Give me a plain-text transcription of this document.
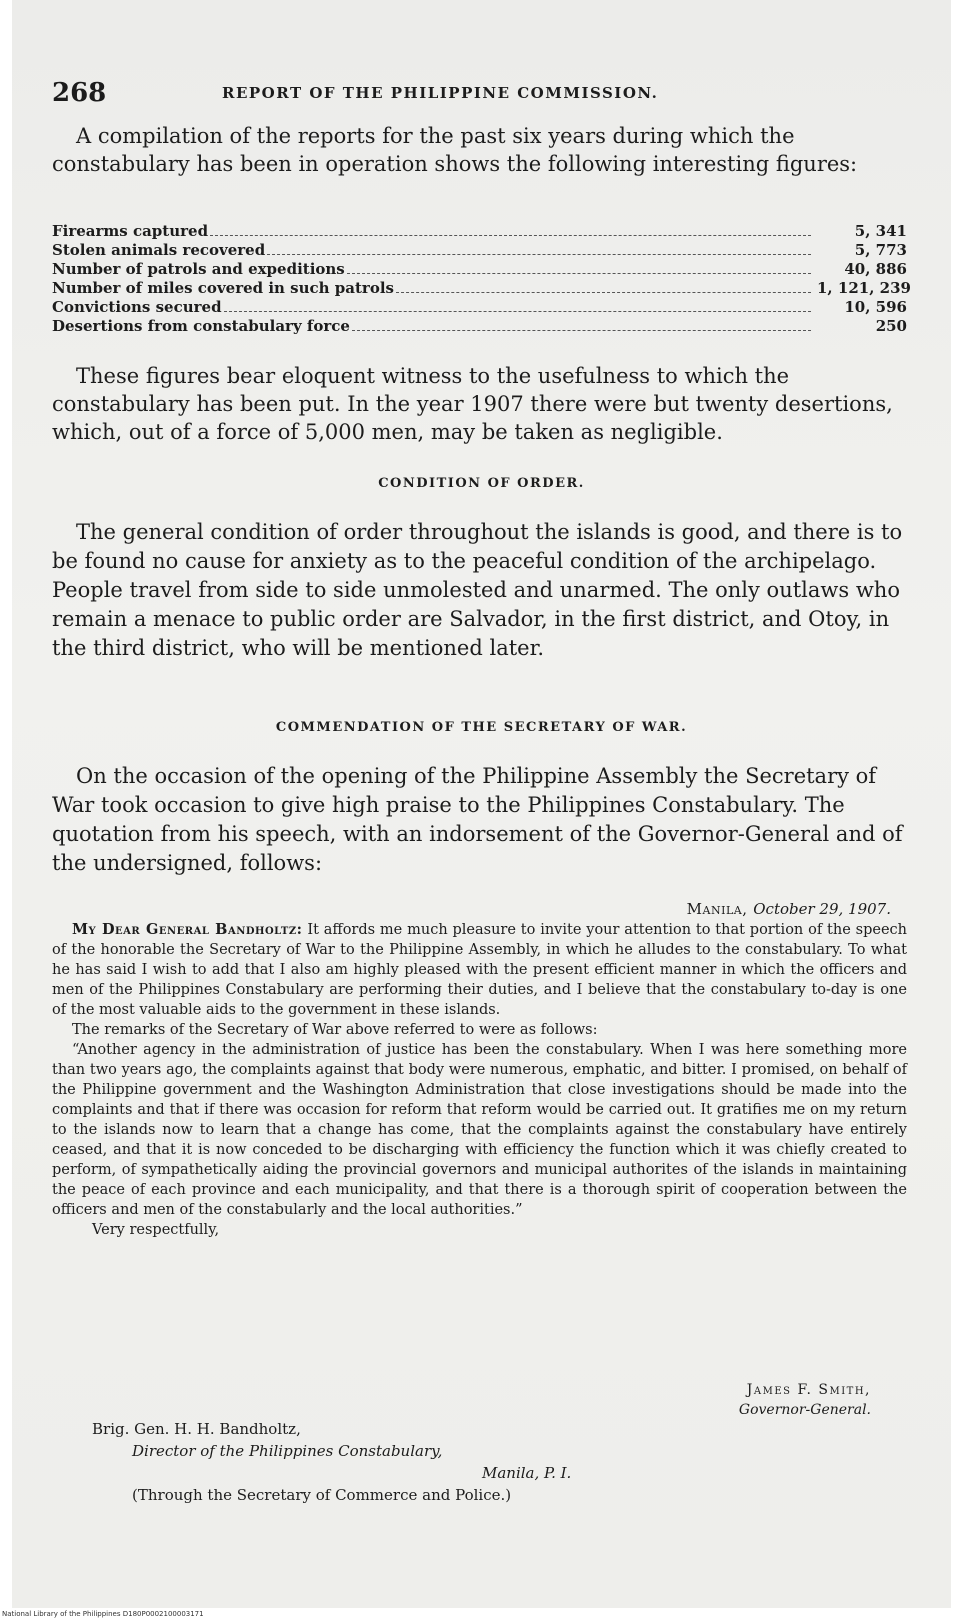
268	REPORT OF THE PHILIPPINE COMMISSION.

A compilation of the reports for the past six years during which the constabulary has been in operation shows the following interesting figures:

Firearms captured	5, 341
Stolen animals recovered	5, 773
Number of patrols and expeditions	40, 886
Number of miles covered in such patrols	1, 121, 239
Convictions secured	10, 596
Desertions from constabulary force	250

These figures bear eloquent witness to the usefulness to which the constabulary has been put. In the year 1907 there were but twenty desertions, which, out of a force of 5,000 men, may be taken as negligible.

CONDITION OF ORDER.

The general condition of order throughout the islands is good, and there is to be found no cause for anxiety as to the peaceful condition of the archipelago. People travel from side to side unmolested and unarmed. The only outlaws who remain a menace to public order are Salvador, in the first district, and Otoy, in the third district, who will be mentioned later.

COMMENDATION OF THE SECRETARY OF WAR.

On the occasion of the opening of the Philippine Assembly the Secretary of War took occasion to give high praise to the Philippines Constabulary. The quotation from his speech, with an indorsement of the Governor-General and of the undersigned, follows:

Manila, October 29, 1907.

My Dear General Bandholtz: It affords me much pleasure to invite your attention to that portion of the speech of the honorable the Secretary of War to the Philippine Assembly, in which he alludes to the constabulary. To what he has said I wish to add that I also am highly pleased with the present efficient manner in which the officers and men of the Philippines Constabulary are performing their duties, and I believe that the constabulary to-day is one of the most valuable aids to the government in these islands.

The remarks of the Secretary of War above referred to were as follows:

“Another agency in the administration of justice has been the constabulary. When I was here something more than two years ago, the complaints against that body were numerous, emphatic, and bitter. I promised, on behalf of the Philippine government and the Washington Administration that close investigations should be made into the complaints and that if there was occasion for reform that reform would be carried out. It gratifies me on my return to the islands now to learn that a change has come, that the complaints against the constabulary have entirely ceased, and that it is now conceded to be discharging with efficiency the function which it was chiefly created to perform, of sympathetically aiding the provincial governors and municipal authorites of the islands in maintaining the peace of each province and each municipality, and that there is a thorough spirit of cooperation between the officers and men of the constabularly and the local authorities.”

Very respectfully,

James F. Smith,
Governor-General.
Brig. Gen. H. H. Bandholtz,
Director of the Philippines Constabulary,
Manila, P. I.
(Through the Secretary of Commerce and Police.)
National Library of the Philippines D180P0002100003171
